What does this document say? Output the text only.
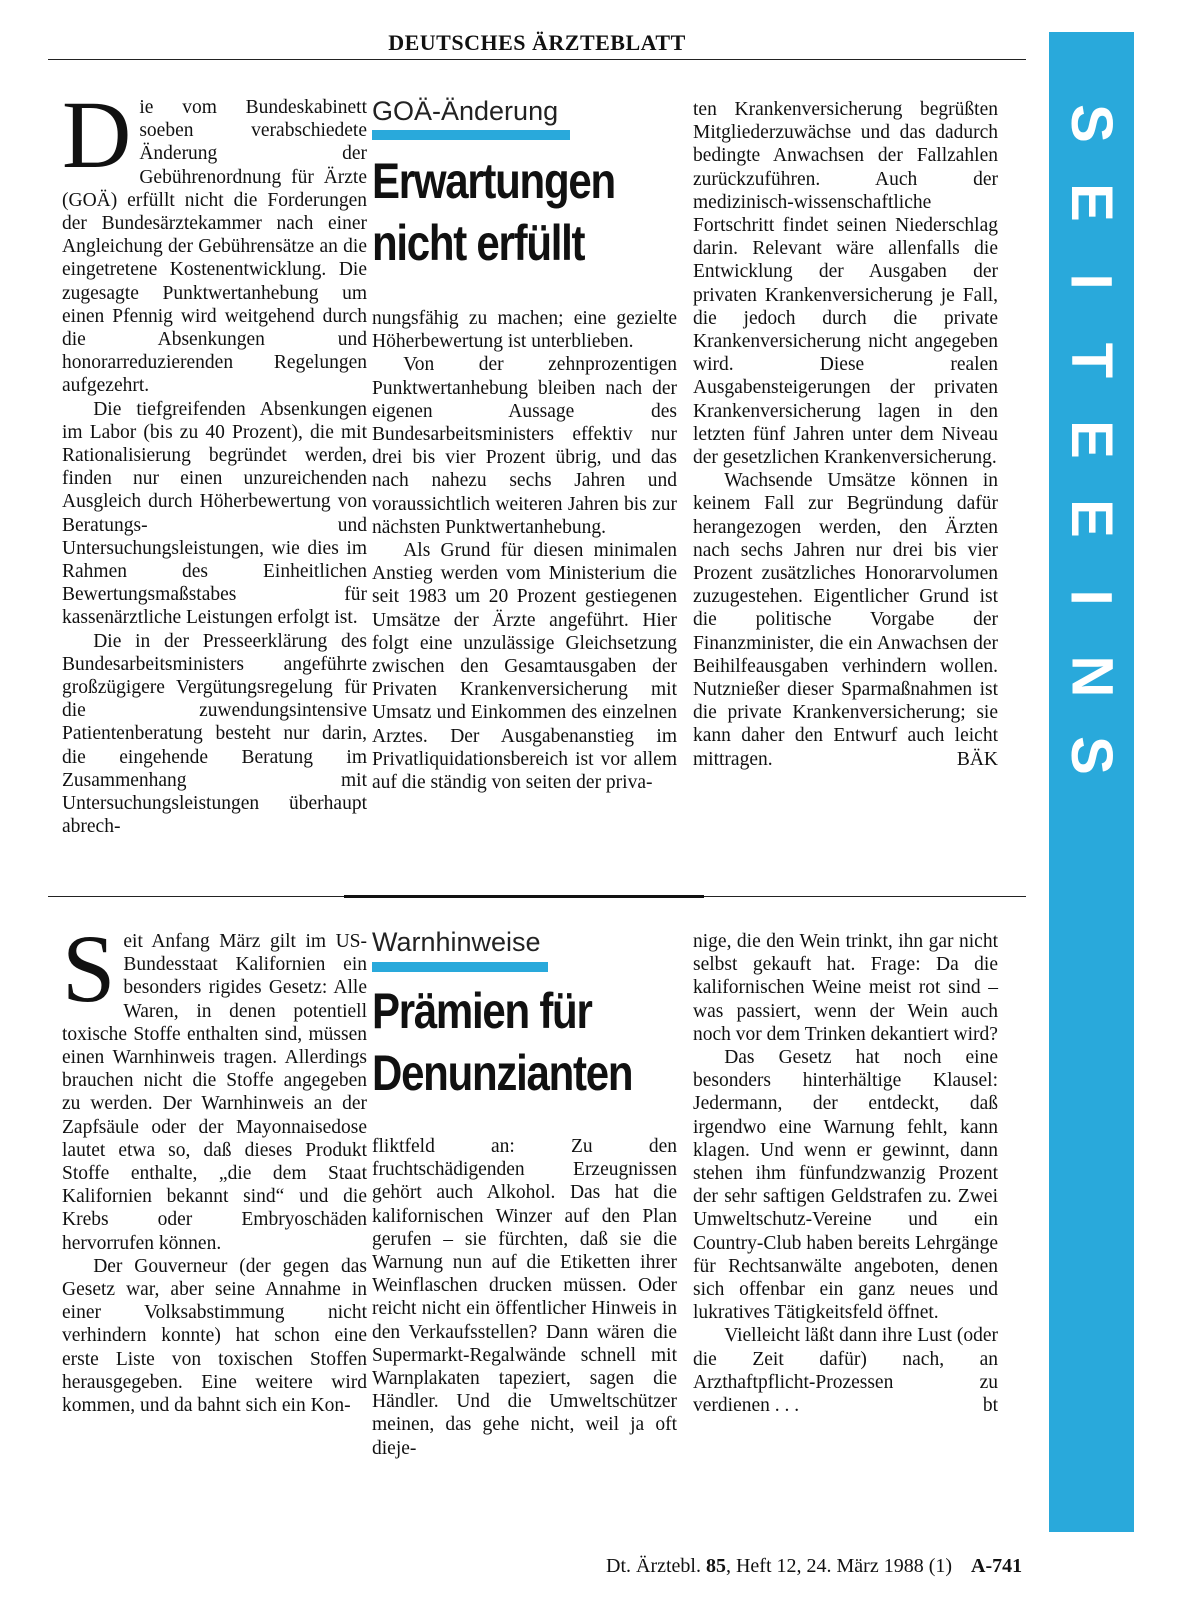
DEUTSCHES ÄRZTEBLATT
S
E
I
T
E
E
I
N
S
D ie vom Bundeskabinett soeben verabschiedete Änderung der Gebührenordnung für Ärzte (GOÄ) erfüllt nicht die Forderungen der Bundesärztekammer nach einer Angleichung der Gebührensätze an die eingetretene Kostenentwicklung. Die zugesagte Punktwertanhebung um einen Pfennig wird weitgehend durch die Absenkungen und honorarreduzierenden Regelungen aufgezehrt.

Die tiefgreifenden Absenkungen im Labor (bis zu 40 Prozent), die mit Rationalisierung begründet werden, finden nur einen unzureichenden Ausgleich durch Höherbewertung von Beratungs- und Untersuchungsleistungen, wie dies im Rahmen des Einheitlichen Bewertungsmaßstabes für kassenärztliche Leistungen erfolgt ist.

Die in der Presseerklärung des Bundesarbeitsministers angeführte großzügigere Vergütungsregelung für die zuwendungsintensive Patientenberatung besteht nur darin, die eingehende Beratung im Zusammenhang mit Untersuchungsleistungen überhaupt abrech-

GOÄ-Änderung
Erwartungen
nicht erfüllt

nungsfähig zu machen; eine gezielte Höherbewertung ist unterblieben.

Von der zehnprozentigen Punktwertanhebung bleiben nach der eigenen Aussage des Bundesarbeitsministers effektiv nur drei bis vier Prozent übrig, und das nach nahezu sechs Jahren und voraussichtlich weiteren Jahren bis zur nächsten Punktwertanhebung.

Als Grund für diesen minimalen Anstieg werden vom Ministerium die seit 1983 um 20 Prozent gestiegenen Umsätze der Ärzte angeführt. Hier folgt eine unzulässige Gleichsetzung zwischen den Gesamtausgaben der Privaten Krankenversicherung mit Umsatz und Einkommen des einzelnen Arztes. Der Ausgabenanstieg im Privatliquidationsbereich ist vor allem auf die ständig von seiten der priva-

ten Krankenversicherung begrüßten Mitgliederzuwächse und das dadurch bedingte Anwachsen der Fallzahlen zurückzuführen. Auch der medizinisch-wissenschaftliche Fortschritt findet seinen Niederschlag darin. Relevant wäre allenfalls die Entwicklung der Ausgaben der privaten Krankenversicherung je Fall, die jedoch durch die private Krankenversicherung nicht angegeben wird. Diese realen Ausgabensteigerungen der privaten Krankenversicherung lagen in den letzten fünf Jahren unter dem Niveau der gesetzlichen Krankenversicherung.

Wachsende Umsätze können in keinem Fall zur Begründung dafür herangezogen werden, den Ärzten nach sechs Jahren nur drei bis vier Prozent zusätzliches Honorarvolumen zuzugestehen. Eigentlicher Grund ist die politische Vorgabe der Finanzminister, die ein Anwachsen der Beihilfeausgaben verhindern wollen. Nutznießer dieser Sparmaßnahmen ist die private Krankenversicherung; sie kann daher den Entwurf auch leicht mittragen.	BÄK

S eit Anfang März gilt im US-Bundesstaat Kalifornien ein besonders rigides Gesetz: Alle Waren, in denen potentiell toxische Stoffe enthalten sind, müssen einen Warnhinweis tragen. Allerdings brauchen nicht die Stoffe angegeben zu werden. Der Warnhinweis an der Zapfsäule oder der Mayonnaisedose lautet etwa so, daß dieses Produkt Stoffe enthalte, „die dem Staat Kalifornien bekannt sind“ und die Krebs oder Embryoschäden hervorrufen können.

Der Gouverneur (der gegen das Gesetz war, aber seine Annahme in einer Volksabstimmung nicht verhindern konnte) hat schon eine erste Liste von toxischen Stoffen herausgegeben. Eine weitere wird kommen, und da bahnt sich ein Kon-

Warnhinweise
Prämien für
Denunzianten

fliktfeld an: Zu den fruchtschädigenden Erzeugnissen gehört auch Alkohol. Das hat die kalifornischen Winzer auf den Plan gerufen – sie fürchten, daß sie die Warnung nun auf die Etiketten ihrer Weinflaschen drucken müssen. Oder reicht nicht ein öffentlicher Hinweis in den Verkaufsstellen? Dann wären die Supermarkt-Regalwände schnell mit Warnplakaten tapeziert, sagen die Händler. Und die Umweltschützer meinen, das gehe nicht, weil ja oft dieje-

nige, die den Wein trinkt, ihn gar nicht selbst gekauft hat. Frage: Da die kalifornischen Weine meist rot sind – was passiert, wenn der Wein auch noch vor dem Trinken dekantiert wird?

Das Gesetz hat noch eine besonders hinterhältige Klausel: Jedermann, der entdeckt, daß irgendwo eine Warnung fehlt, kann klagen. Und wenn er gewinnt, dann stehen ihm fünfundzwanzig Prozent der sehr saftigen Geldstrafen zu. Zwei Umweltschutz-Vereine und ein Country-Club haben bereits Lehrgänge für Rechtsanwälte angeboten, denen sich offenbar ein ganz neues und lukratives Tätigkeitsfeld öffnet.

Vielleicht läßt dann ihre Lust (oder die Zeit dafür) nach, an Arzthaftpflicht-Prozessen zu verdienen . . .	bt

Dt. Ärztebl. 85, Heft 12, 24. März 1988 (1) A-741
